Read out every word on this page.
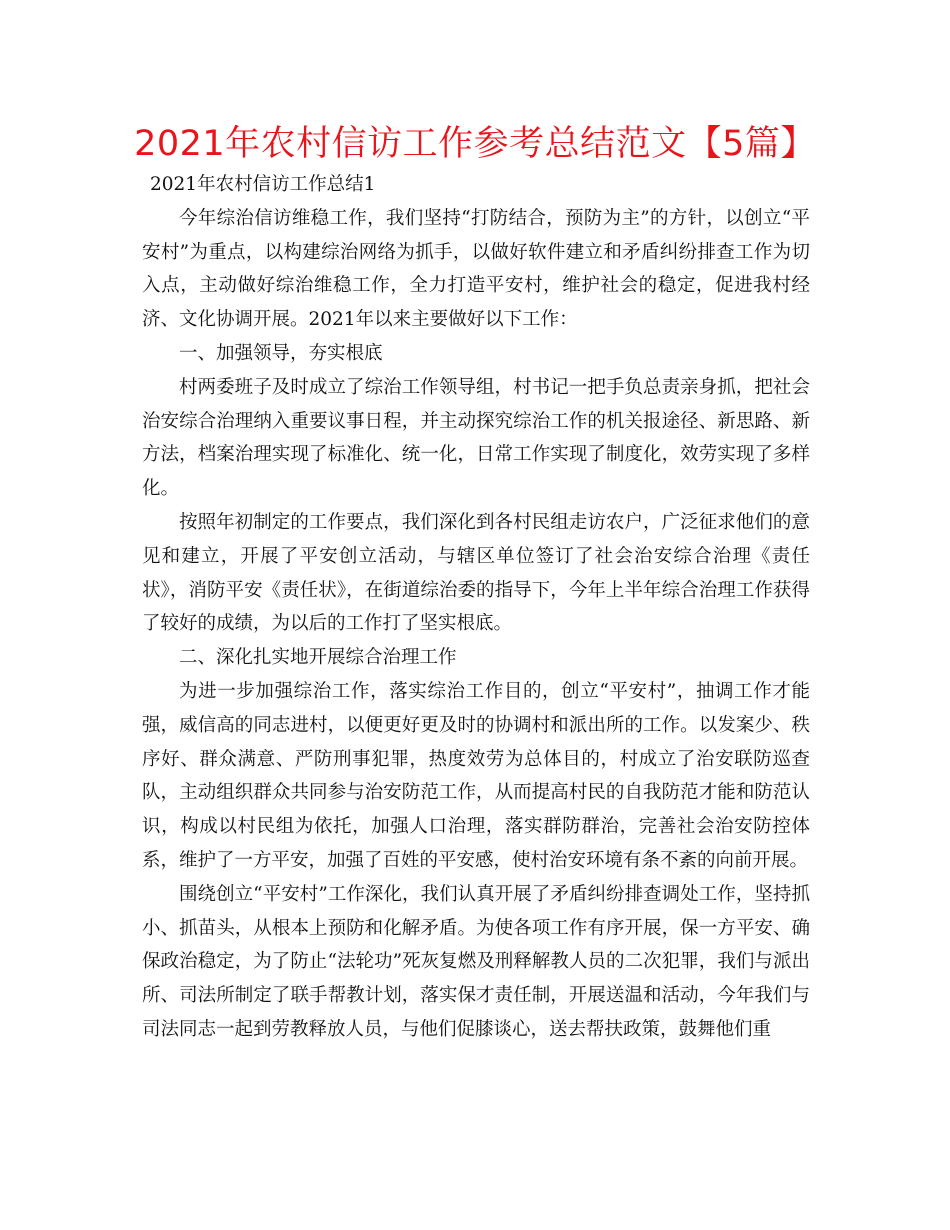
2021年农村信访工作参考总结范文【5篇】

2021年农村信访工作总结1

今年综治信访维稳工作，我们坚持“打防结合，预防为主”的方针，以创立“平安村”为重点，以构建综治网络为抓手，以做好软件建立和矛盾纠纷排查工作为切入点，主动做好综治维稳工作，全力打造平安村，维护社会的稳定，促进我村经济、文化协调开展。2021年以来主要做好以下工作：

一、加强领导，夯实根底

村两委班子及时成立了综治工作领导组，村书记一把手负总责亲身抓，把社会治安综合治理纳入重要议事日程，并主动探究综治工作的机关报途径、新思路、新方法，档案治理实现了标准化、统一化，日常工作实现了制度化，效劳实现了多样化。

按照年初制定的工作要点，我们深化到各村民组走访农户，广泛征求他们的意见和建立，开展了平安创立活动，与辖区单位签订了社会治安综合治理《责任状》，消防平安《责任状》，在街道综治委的指导下，今年上半年综合治理工作获得了较好的成绩，为以后的工作打了坚实根底。

二、深化扎实地开展综合治理工作

为进一步加强综治工作，落实综治工作目的，创立“平安村”，抽调工作才能强，威信高的同志进村，以便更好更及时的协调村和派出所的工作。以发案少、秩序好、群众满意、严防刑事犯罪，热度效劳为总体目的，村成立了治安联防巡查队，主动组织群众共同参与治安防范工作，从而提高村民的自我防范才能和防范认识，构成以村民组为依托，加强人口治理，落实群防群治，完善社会治安防控体系，维护了一方平安，加强了百姓的平安感，使村治安环境有条不紊的向前开展。

围绕创立“平安村”工作深化，我们认真开展了矛盾纠纷排查调处工作，坚持抓小、抓苗头，从根本上预防和化解矛盾。为使各项工作有序开展，保一方平安、确保政治稳定，为了防止“法轮功”死灰复燃及刑释解教人员的二次犯罪，我们与派出所、司法所制定了联手帮教计划，落实保才责任制，开展送温和活动，今年我们与司法同志一起到劳教释放人员，与他们促膝谈心，送去帮扶政策，鼓舞他们重
